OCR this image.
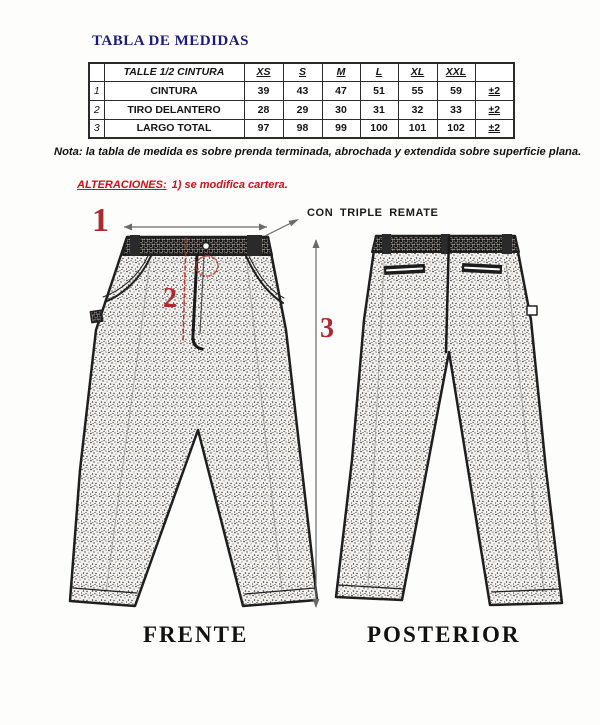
TABLA DE MEDIDAS
	TALLE 1/2 CINTURA	XS	S	M	L	XL	XXL	
1	CINTURA	39	43	47	51	55	59	±2
2	TIRO DELANTERO	28	29	30	31	32	33	±2
3	LARGO TOTAL	97	98	99	100	101	102	±2
Nota: la tabla de medida es sobre prenda terminada, abrochada y extendida sobre superficie plana.
ALTERACIONES: 1) se modifica cartera.
1
2
3
CON TRIPLE REMATE
FRENTE	POSTERIOR
